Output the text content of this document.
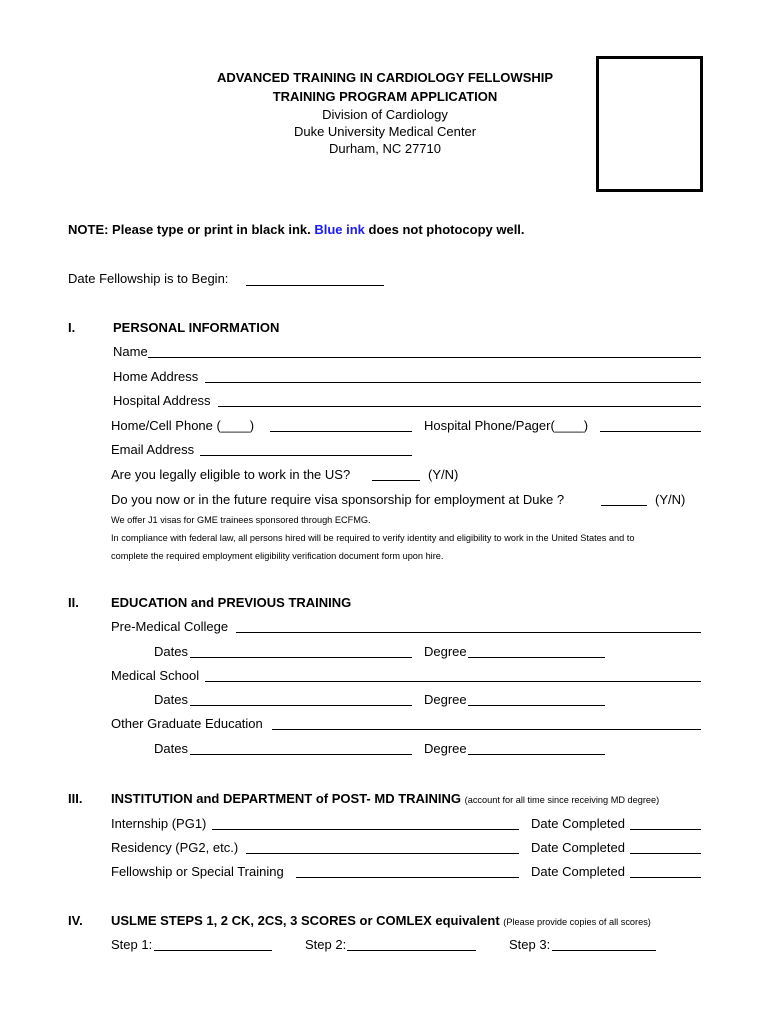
ADVANCED TRAINING IN CARDIOLOGY FELLOWSHIP
TRAINING PROGRAM APPLICATION
Division of Cardiology
Duke University Medical Center
Durham, NC 27710
NOTE: Please type or print in black ink. Blue ink does not photocopy well.
Date Fellowship is to Begin:
I.	PERSONAL INFORMATION
Name
Home Address
Hospital Address
Home/Cell Phone (____)	Hospital Phone/Pager(____)
Email Address
Are you legally eligible to work in the US?	(Y/N)
Do you now or in the future require visa sponsorship for employment at Duke ?	(Y/N)
We offer J1 visas for GME trainees sponsored through ECFMG.
In compliance with federal law, all persons hired will be required to verify identity and eligibility to work in the United States and to
complete the required employment eligibility verification document form upon hire.
II. EDUCATION and PREVIOUS TRAINING
Pre-Medical College
Dates	Degree
Medical School
Dates	Degree
Other Graduate Education
Dates	Degree
III. INSTITUTION and DEPARTMENT of POST- MD TRAINING (account for all time since receiving MD degree)
Internship (PG1)	Date Completed
Residency (PG2, etc.)	Date Completed
Fellowship or Special Training	Date Completed
IV. USLME STEPS 1, 2 CK, 2CS, 3 SCORES or COMLEX equivalent (Please provide copies of all scores)
Step 1:	Step 2:	Step 3:
